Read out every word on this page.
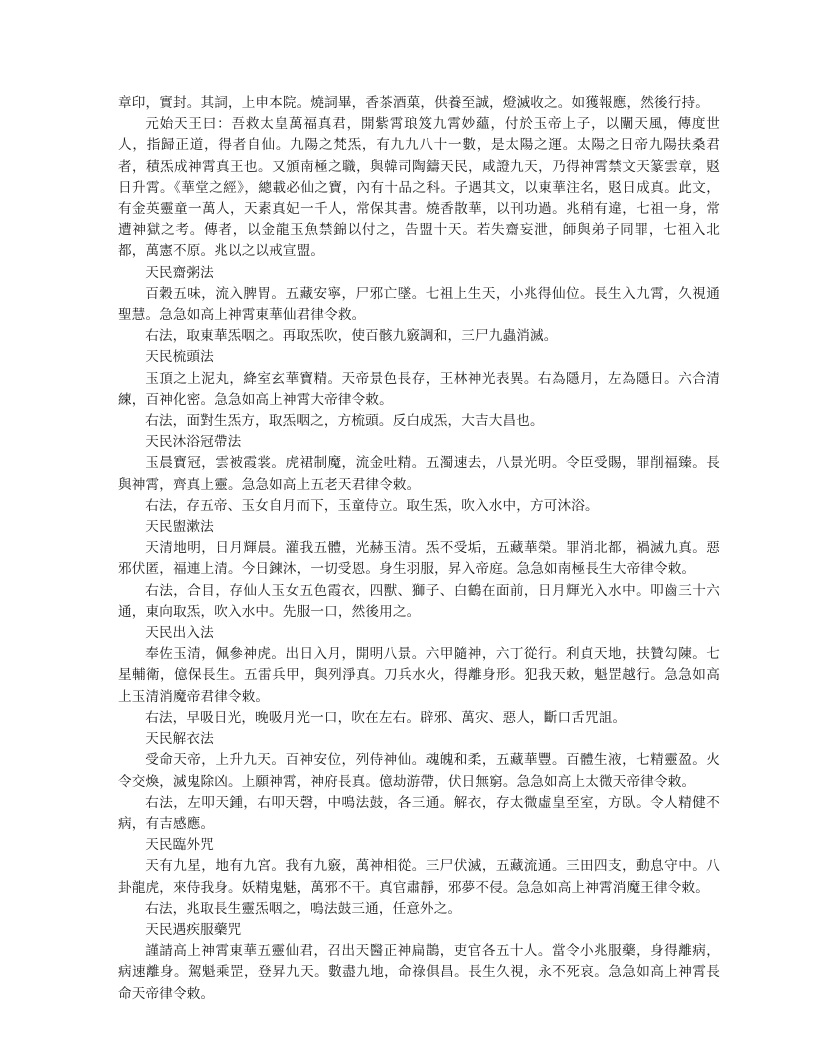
章印，實封。其詞，上申本院。燒詞畢，香茶酒菓，供養至誠，燈滅收之。如獲報應，然後行持。

元始天王曰：吾救太皇萬福真君，開紫霄琅笈九霄妙蘊，付於玉帝上子，以闡天風，傳度世人，指歸正道，得者自仙。九陽之梵炁，有九九八十一數，是太陽之運。太陽之日帝九陽扶桑君者，積炁成神霄真王也。又頒南極之職，與韓司陶鑄天民，咸證九天，乃得神霄禁文天篆雲章，覐日升霄。《華堂之經》，總載必仙之寶，內有十品之科。子遇其文，以東華注名，覐日成真。此文，有金英靈童一萬人，天素真妃一千人，常保其書。燒香散華，以刊功過。兆稍有違，七祖一身，常遭神獄之考。傳者，以金龍玉魚禁錦以付之，告盟十天。若失齋妄泄，師與弟子同罪，七祖入北都，萬憲不原。兆以之以戒宣盟。

天民齋粥法

百穀五味，流入脾胃。五藏安寧，尸邪亡墜。七祖上生天，小兆得仙位。長生入九霄，久視通聖慧。急急如高上神霄東華仙君律令救。

右法，取東華炁咽之。再取炁吹，使百骸九竅調和，三尸九蟲消滅。

天民梳頭法

玉頂之上泥丸，絳室玄華寶精。天帝景色長存，王林神光表異。右為隱月，左為隱日。六合清練，百神化密。急急如高上神霄大帝律令敕。

右法，面對生炁方，取炁咽之，方梳頭。反白成炁，大吉大昌也。

天民沐浴冠帶法

玉晨寶冠，雲被霞裳。虎裙制魔，流金吐精。五濁速去，八景光明。令臣受賜，罪削福臻。長與神霄，齊真上靈。急急如高上五老天君律令敕。

右法，存五帝、玉女自月而下，玉童侍立。取生炁，吹入水中，方可沐浴。

天民盥漱法

天清地明，日月輝晨。灌我五體，光赫玉清。炁不受垢，五藏華榮。罪消北都，禍滅九真。惡邪伏匿，福連上清。今日鍊沐，一切受恩。身生羽服，昇入帝庭。急急如南極長生大帝律令敕。

右法，合目，存仙人玉女五色霞衣，四獸、獅子、白鶴在面前，日月輝光入水中。叩齒三十六通，東向取炁，吹入水中。先服一口，然後用之。

天民出入法

奉佐玉清，佩參神虎。出日入月，開明八景。六甲隨神，六丁從行。利貞天地，扶贊勾陳。七星輔衛，億保長生。五雷兵甲，與列淨真。刀兵水火，得離身形。犯我天敕，魁罡越行。急急如高上玉清消魔帝君律令敕。

右法，早吸日光，晚吸月光一口，吹在左右。辟邪、萬灾、惡人，斷口舌咒詛。

天民解衣法

受命天帝，上升九天。百神安位，列侍神仙。魂魄和柔，五藏華豐。百體生液，七精靈盈。火令交煥，滅鬼除凶。上願神霄，神府長真。億劫游帶，伏日無窮。急急如高上太微天帝律令敕。

右法，左叩天鍾，右叩天磬，中鳴法鼓，各三通。解衣，存太微虛皇至室，方臥。令人精健不病，有吉感應。

天民臨外咒

天有九星，地有九宮。我有九竅，萬神相從。三尸伏滅，五藏流通。三田四支，動息守中。八卦龍虎，來侍我身。妖精鬼魅，萬邪不干。真官肅靜，邪夢不侵。急急如高上神霄消魔王律令敕。

右法，兆取長生靈炁咽之，鳴法鼓三通，任意外之。

天民遇疾服藥咒

謹請高上神霄東華五靈仙君，召出天醫正神扁鵲，吏官各五十人。當令小兆服藥，身得離病，病速離身。駕魁乘罡，登昇九天。數盡九地，命祿俱昌。長生久視，永不死哀。急急如高上神霄長命天帝律令敕。
